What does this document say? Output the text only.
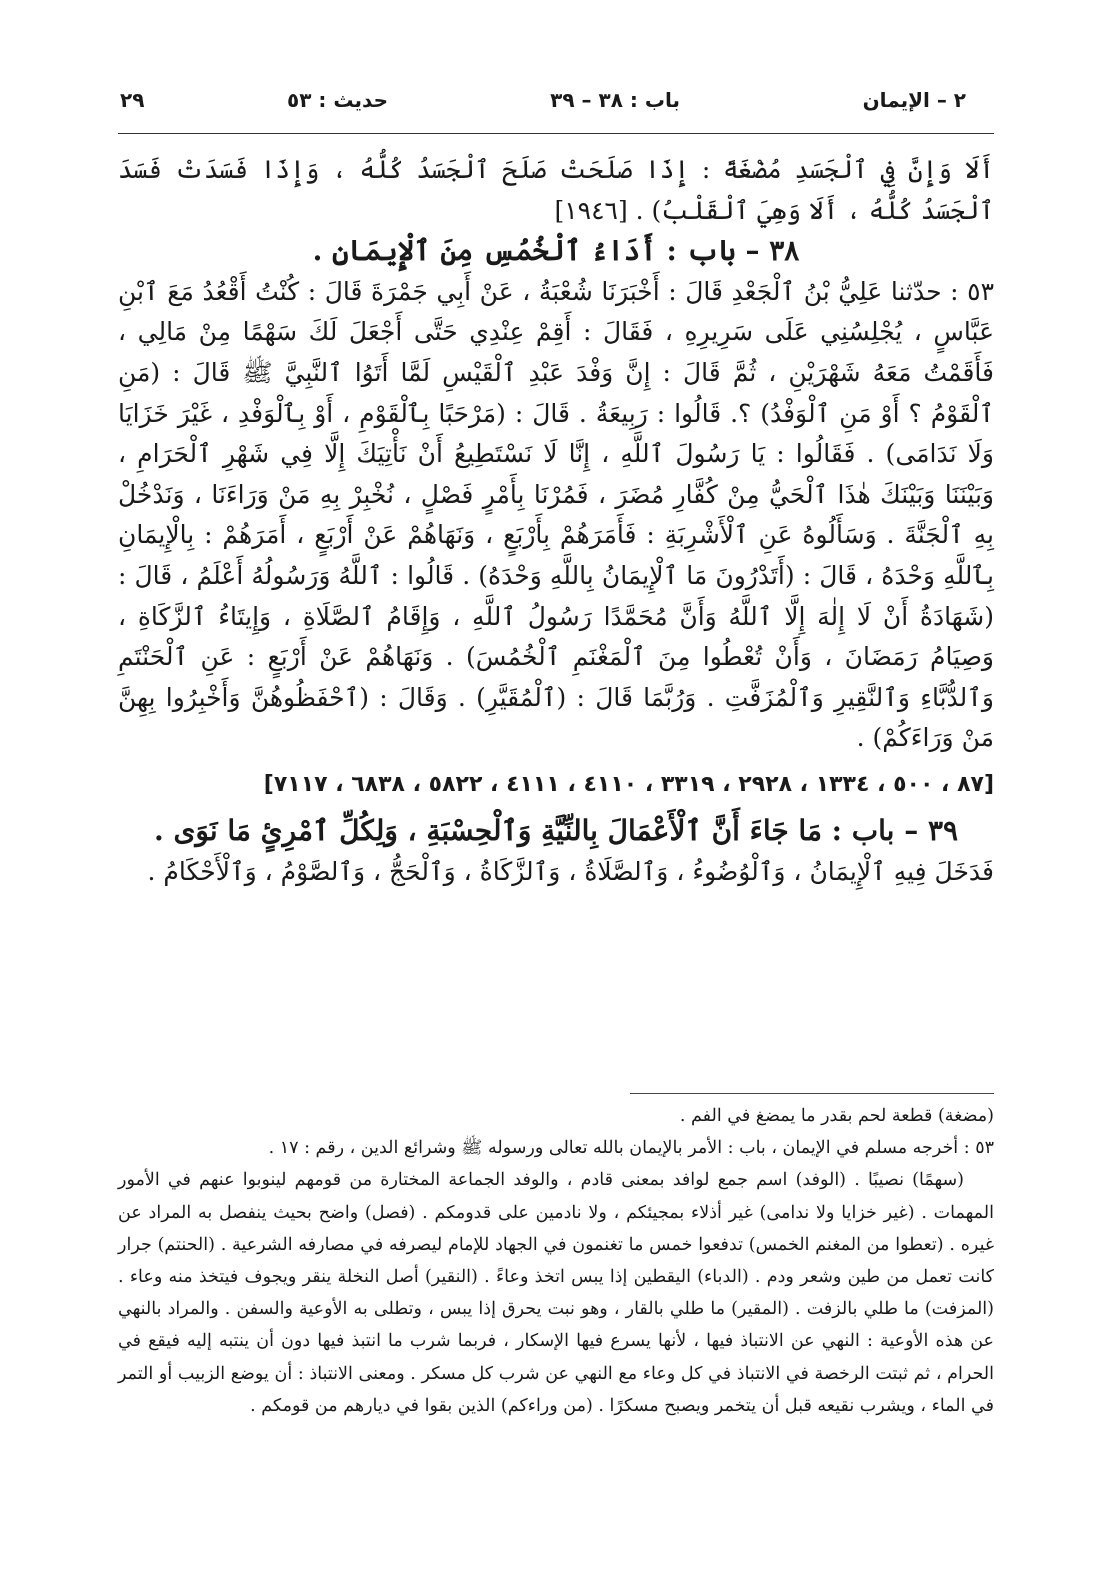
٢ – الإيمان
باب : ٣٨ – ٣٩
حديث : ٥٣
٢٩

أَلَا وَإِنَّ فِي ٱلْجَسَدِ مُضْغَةً : إِذَا صَلَحَتْ صَلَحَ ٱلْجَسَدُ كُلُّهُ ، وَإِذَا فَسَدَتْ فَسَدَ ٱلْجَسَدُ كُلُّهُ ، أَلَا وَهِيَ ٱلْقَلْبُ) . [١٩٤٦]

٣٨ – باب : أَدَاءُ ٱلْخُمُسِ مِنَ ٱلْإِيمَانِ .

٥٣ : حدّثنا عَلِيُّ بْنُ ٱلْجَعْدِ قَالَ : أَخْبَرَنَا شُعْبَةُ ، عَنْ أَبِي جَمْرَةَ قَالَ : كُنْتُ أَقْعُدُ مَعَ ٱبْنِ عَبَّاسٍ ، يُجْلِسُنِي عَلَى سَرِيرِهِ ، فَقَالَ : أَقِمْ عِنْدِي حَتَّى أَجْعَلَ لَكَ سَهْمًا مِنْ مَالِي ، فَأَقَمْتُ مَعَهُ شَهْرَيْنِ ، ثُمَّ قَالَ : إِنَّ وَفْدَ عَبْدِ ٱلْقَيْسِ لَمَّا أَتَوُا ٱلنَّبِيَّ ﷺ قَالَ : (مَنِ ٱلْقَوْمُ ؟ أَوْ مَنِ ٱلْوَفْدُ) ؟. قَالُوا : رَبِيعَةُ . قَالَ : (مَرْحَبًا بِٱلْقَوْمِ ، أَوْ بِٱلْوَفْدِ ، غَيْرَ خَزَايَا وَلَا نَدَامَى) . فَقَالُوا : يَا رَسُولَ ٱللَّهِ ، إِنَّا لَا نَسْتَطِيعُ أَنْ نَأْتِيَكَ إِلَّا فِي شَهْرِ ٱلْحَرَامِ ، وَبَيْنَنَا وَبَيْنَكَ هٰذَا ٱلْحَيُّ مِنْ كُفَّارِ مُضَرَ ، فَمُرْنَا بِأَمْرٍ فَصْلٍ ، نُخْبِرْ بِهِ مَنْ وَرَاءَنَا ، وَنَدْخُلْ بِهِ ٱلْجَنَّةَ . وَسَأَلُوهُ عَنِ ٱلْأَشْرِبَةِ : فَأَمَرَهُمْ بِأَرْبَعٍ ، وَنَهَاهُمْ عَنْ أَرْبَعٍ ، أَمَرَهُمْ : بِالْإِيمَانِ بِٱللَّهِ وَحْدَهُ ، قَالَ : (أَتَدْرُونَ مَا ٱلْإِيمَانُ بِاللَّهِ وَحْدَهُ) . قَالُوا : ٱللَّهُ وَرَسُولُهُ أَعْلَمُ ، قَالَ : (شَهَادَةُ أَنْ لَا إِلٰهَ إِلَّا ٱللَّهُ وَأَنَّ مُحَمَّدًا رَسُولُ ٱللَّهِ ، وَإِقَامُ ٱلصَّلَاةِ ، وَإِيتَاءُ ٱلزَّكَاةِ ، وَصِيَامُ رَمَضَانَ ، وَأَنْ تُعْطُوا مِنَ ٱلْمَغْنَمِ ٱلْخُمُسَ) . وَنَهَاهُمْ عَنْ أَرْبَعٍ : عَنِ ٱلْحَنْتَمِ وَٱلدُّبَّاءِ وَٱلنَّقِيرِ وَٱلْمُزَفَّتِ . وَرُبَّمَا قَالَ : (ٱلْمُقَيَّرِ) . وَقَالَ : (ٱحْفَظُوهُنَّ وَأَخْبِرُوا بِهِنَّ مَنْ وَرَاءَكُمْ) .

[٨٧ ، ٥٠٠ ، ١٣٣٤ ، ٢٩٢٨ ، ٣٣١٩ ، ٤١١٠ ، ٤١١١ ، ٥٨٢٢ ، ٦٨٣٨ ، ٧١١٧]

٣٩ – باب : مَا جَاءَ أَنَّ ٱلْأَعْمَالَ بِالنِّيَّةِ وَٱلْحِسْبَةِ ، وَلِكُلِّ ٱمْرِئٍ مَا نَوَى .

فَدَخَلَ فِيهِ ٱلْإِيمَانُ ، وَٱلْوُضُوءُ ، وَٱلصَّلَاةُ ، وَٱلزَّكَاةُ ، وَٱلْحَجُّ ، وَٱلصَّوْمُ ، وَٱلْأَحْكَامُ .

(مضغة) قطعة لحم بقدر ما يمضغ في الفم .

٥٣ : أخرجه مسلم في الإيمان ، باب : الأمر بالإيمان بالله تعالى ورسوله ﷺ وشرائع الدين ، رقم : ١٧ .

(سهمًا) نصيبًا . (الوفد) اسم جمع لوافد بمعنى قادم ، والوفد الجماعة المختارة من قومهم لينوبوا عنهم في الأمور المهمات . (غير خزايا ولا ندامى) غير أذلاء بمجيئكم ، ولا نادمين على قدومكم . (فصل) واضح بحيث ينفصل به المراد عن غيره . (تعطوا من المغنم الخمس) تدفعوا خمس ما تغنمون في الجهاد للإمام ليصرفه في مصارفه الشرعية . (الحنتم) جرار كانت تعمل من طين وشعر ودم . (الدباء) اليقطين إذا يبس اتخذ وعاءً . (النقير) أصل النخلة ينقر ويجوف فيتخذ منه وعاء . (المزفت) ما طلي بالزفت . (المقير) ما طلي بالقار ، وهو نبت يحرق إذا يبس ، وتطلى به الأوعية والسفن . والمراد بالنهي عن هذه الأوعية : النهي عن الانتباذ فيها ، لأنها يسرع فيها الإسكار ، فربما شرب ما انتبذ فيها دون أن ينتبه إليه فيقع في الحرام ، ثم ثبتت الرخصة في الانتباذ في كل وعاء مع النهي عن شرب كل مسكر . ومعنى الانتباذ : أن يوضع الزبيب أو التمر في الماء ، ويشرب نقيعه قبل أن يتخمر ويصبح مسكرًا . (من وراءكم) الذين بقوا في ديارهم من قومكم .
